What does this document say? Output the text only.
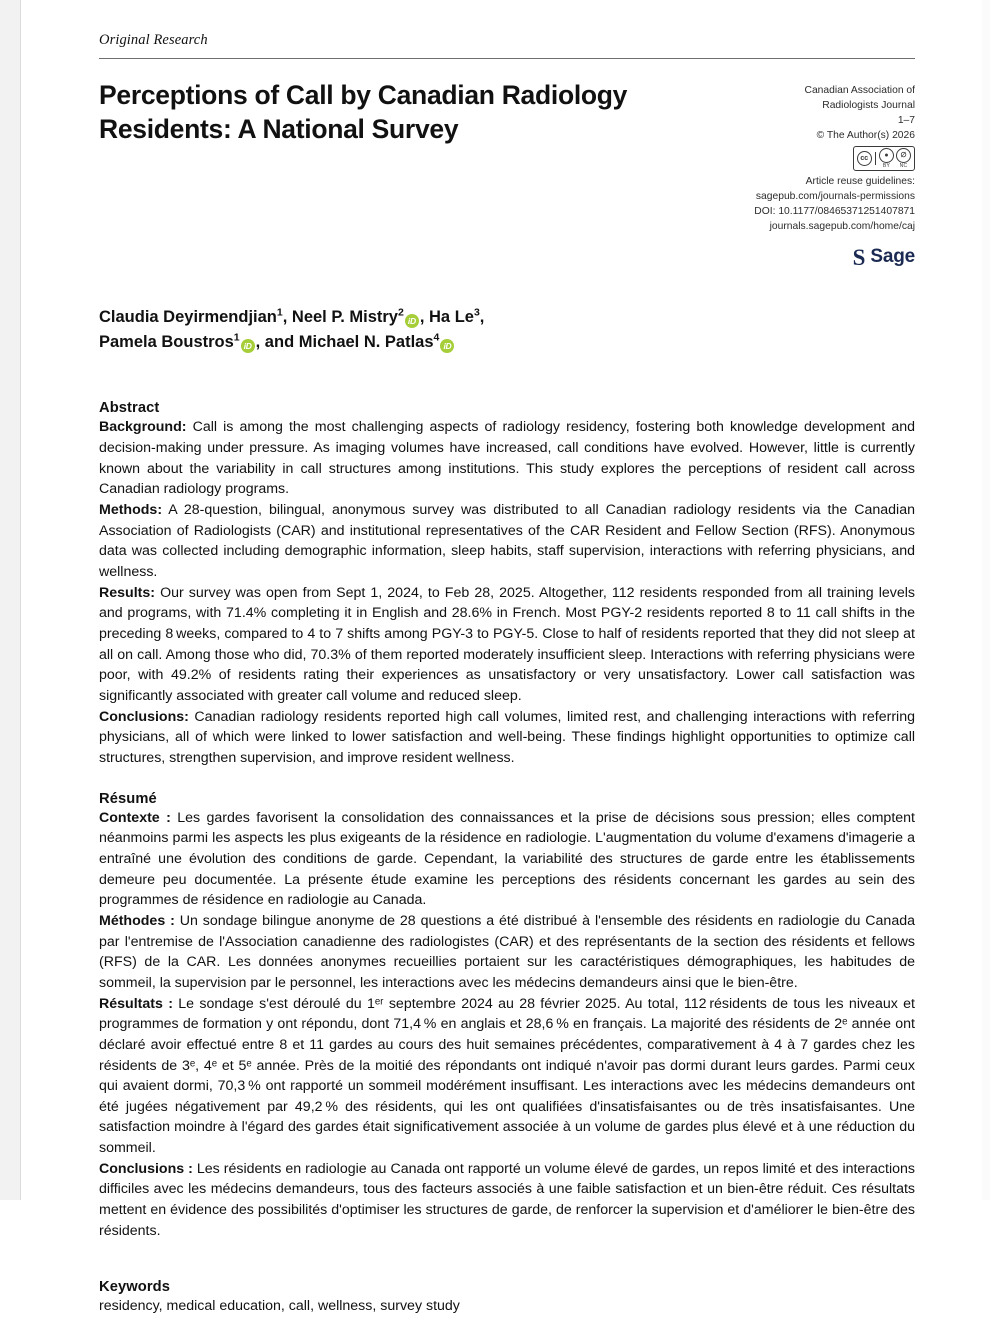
Original Research
Perceptions of Call by Canadian Radiology Residents: A National Survey
Canadian Association of
Radiologists Journal
1–7
© The Author(s) 2026
cc	●
BY
∅
NC
Article reuse guidelines:
sagepub.com/journals-permissions
DOI: 10.1177/08465371251407871
journals.sagepub.com/home/caj
S Sage
Claudia Deyirmendjian$^1$, Neel P. Mistry$^2$iD , Ha Le$^3$,
Pamela Boustros$^1$iD , and Michael N. Patlas$^4$iD
Abstract

Background: Call is among the most challenging aspects of radiology residency, fostering both knowledge development and decision-making under pressure. As imaging volumes have increased, call conditions have evolved. However, little is currently known about the variability in call structures among institutions. This study explores the perceptions of resident call across Canadian radiology programs.

Methods: A 28-question, bilingual, anonymous survey was distributed to all Canadian radiology residents via the Canadian Association of Radiologists (CAR) and institutional representatives of the CAR Resident and Fellow Section (RFS). Anonymous data was collected including demographic information, sleep habits, staff supervision, interactions with referring physicians, and wellness.

Results: Our survey was open from Sept 1, 2024, to Feb 28, 2025. Altogether, 112 residents responded from all training levels and programs, with 71.4% completing it in English and 28.6% in French. Most PGY-2 residents reported 8 to 11 call shifts in the preceding 8 weeks, compared to 4 to 7 shifts among PGY-3 to PGY-5. Close to half of residents reported that they did not sleep at all on call. Among those who did, 70.3% of them reported moderately insufficient sleep. Interactions with referring physicians were poor, with 49.2% of residents rating their experiences as unsatisfactory or very unsatisfactory. Lower call satisfaction was significantly associated with greater call volume and reduced sleep.

Conclusions: Canadian radiology residents reported high call volumes, limited rest, and challenging interactions with referring physicians, all of which were linked to lower satisfaction and well-being. These findings highlight opportunities to optimize call structures, strengthen supervision, and improve resident wellness.

Résumé

Contexte : Les gardes favorisent la consolidation des connaissances et la prise de décisions sous pression; elles comptent néanmoins parmi les aspects les plus exigeants de la résidence en radiologie. L'augmentation du volume d'examens d'imagerie a entraîné une évolution des conditions de garde. Cependant, la variabilité des structures de garde entre les établissements demeure peu documentée. La présente étude examine les perceptions des résidents concernant les gardes au sein des programmes de résidence en radiologie au Canada.

Méthodes : Un sondage bilingue anonyme de 28 questions a été distribué à l'ensemble des résidents en radiologie du Canada par l'entremise de l'Association canadienne des radiologistes (CAR) et des représentants de la section des résidents et fellows (RFS) de la CAR. Les données anonymes recueillies portaient sur les caractéristiques démographiques, les habitudes de sommeil, la supervision par le personnel, les interactions avec les médecins demandeurs ainsi que le bien-être.

Résultats : Le sondage s'est déroulé du 1ᵉʳ septembre 2024 au 28 février 2025. Au total, 112 résidents de tous les niveaux et programmes de formation y ont répondu, dont 71,4 % en anglais et 28,6 % en français. La majorité des résidents de 2ᵉ année ont déclaré avoir effectué entre 8 et 11 gardes au cours des huit semaines précédentes, comparativement à 4 à 7 gardes chez les résidents de 3ᵉ, 4ᵉ et 5ᵉ année. Près de la moitié des répondants ont indiqué n'avoir pas dormi durant leurs gardes. Parmi ceux qui avaient dormi, 70,3 % ont rapporté un sommeil modérément insuffisant. Les interactions avec les médecins demandeurs ont été jugées négativement par 49,2 % des résidents, qui les ont qualifiées d'insatisfaisantes ou de très insatisfaisantes. Une satisfaction moindre à l'égard des gardes était significativement associée à un volume de gardes plus élevé et à une réduction du sommeil.

Conclusions : Les résidents en radiologie au Canada ont rapporté un volume élevé de gardes, un repos limité et des interactions difficiles avec les médecins demandeurs, tous des facteurs associés à une faible satisfaction et un bien-être réduit. Ces résultats mettent en évidence des possibilités d'optimiser les structures de garde, de renforcer la supervision et d'améliorer le bien-être des résidents.

Keywords

residency, medical education, call, wellness, survey study
